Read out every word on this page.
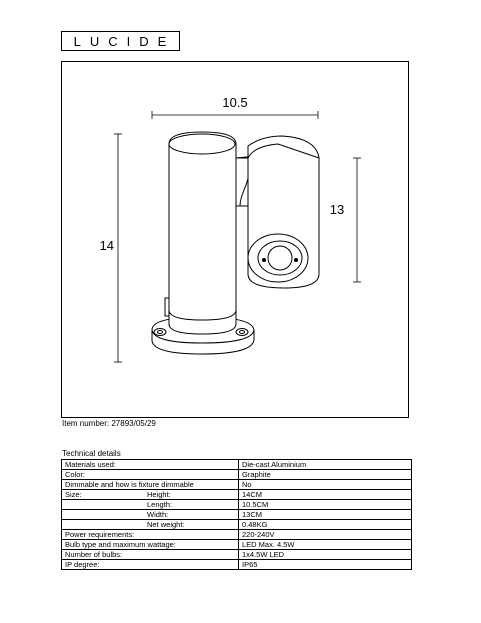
LUCIDE
10.5
14
13
Item number: 27893/05/29
Technical details
Materials used:	Die-cast Aluminium
Color:	Graphite
Dimmable and how is fixture dimmable	No
Size: Height:	14CM
Length:	10.5CM
Width:	13CM
Net weight:	0.48KG
Power requirements:	220-240V
Bulb type and maximum wattage:	LED Max. 4.5W
Number of bulbs:	1x4.5W LED
IP degree:	IP65
